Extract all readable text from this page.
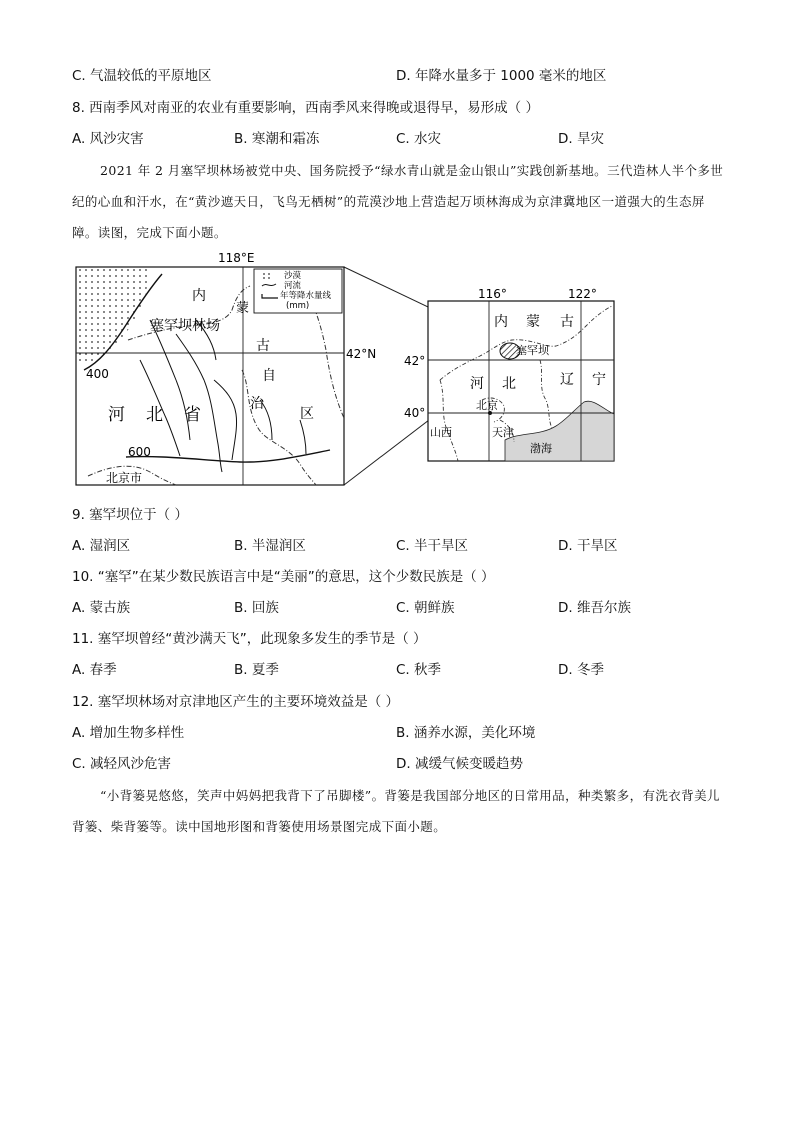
C. 气温较低的平原地区	D. 年降水量多于 1000 毫米的地区
8. 西南季风对南亚的农业有重要影响，西南季风来得晚或退得早，易形成（ ）
A. 风沙灾害	B. 寒潮和霜冻	C. 水灾	D. 旱灾
2021 年 2 月塞罕坝林场被党中央、国务院授予“绿水青山就是金山银山”实践创新基地。三代造林人半个多世纪的心血和汗水，在“黄沙遮天日，飞鸟无栖树”的荒漠沙地上营造起万顷林海成为京津冀地区一道强大的生态屏障。读图，完成下面小题。
沙漠
河流
年等降水量线
(mm)
118°E
42°N
内
蒙
塞罕坝林场
古
自
治
区
河 北 省
400
600
北京市
116°	122°
42°
40°
内 蒙 古
塞罕坝
河 北	辽 宁
北京
山西	天津
渤海
9. 塞罕坝位于（ ）
A. 湿润区	B. 半湿润区	C. 半干旱区	D. 干旱区
10. “塞罕”在某少数民族语言中是“美丽”的意思，这个少数民族是（ ）
A. 蒙古族	B. 回族	C. 朝鲜族	D. 维吾尔族
11. 塞罕坝曾经“黄沙满天飞”，此现象多发生的季节是（ ）
A. 春季	B. 夏季	C. 秋季	D. 冬季
12. 塞罕坝林场对京津地区产生的主要环境效益是（ ）
A. 增加生物多样性	B. 涵养水源，美化环境
C. 减轻风沙危害	D. 减缓气候变暖趋势
“小背篓晃悠悠，笑声中妈妈把我背下了吊脚楼”。背篓是我国部分地区的日常用品，种类繁多，有洗衣背美儿背篓、柴背篓等。读中国地形图和背篓使用场景图完成下面小题。
